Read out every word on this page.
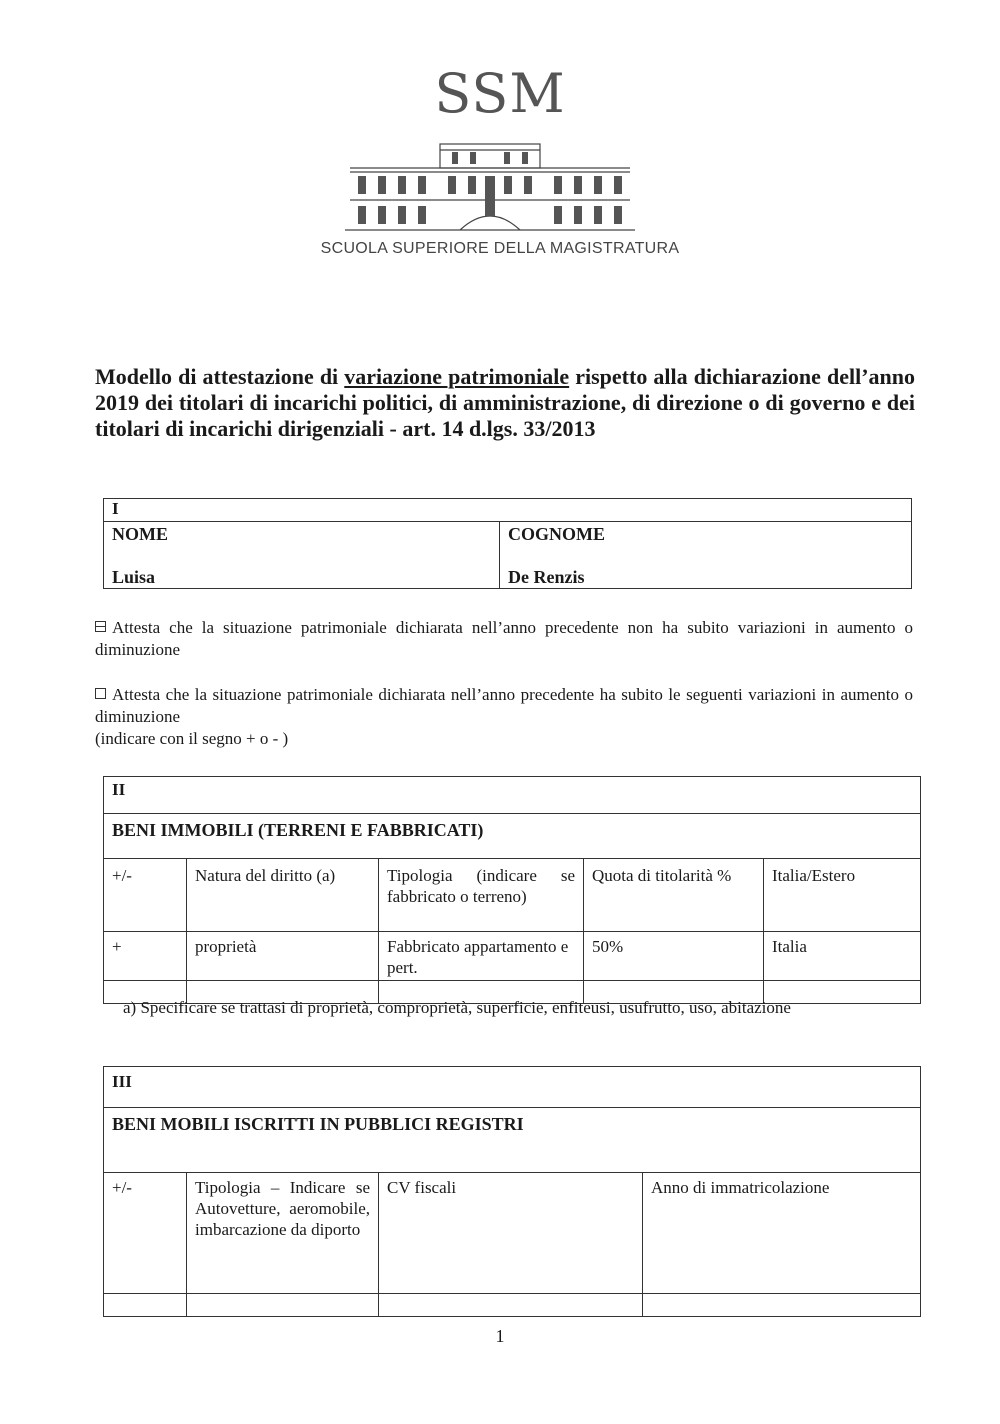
SSM
SCUOLA SUPERIORE DELLA MAGISTRATURA
Modello di attestazione di variazione patrimoniale rispetto alla dichiarazione dell’anno 2019 dei titolari di incarichi politici, di amministrazione, di direzione o di governo e dei titolari di incarichi dirigenziali - art. 14 d.lgs. 33/2013
I

NOME
Luisa

COGNOME
De Renzis
Attesta che la situazione patrimoniale dichiarata nell’anno precedente non ha subito variazioni in aumento o diminuzione
Attesta che la situazione patrimoniale dichiarata nell’anno precedente ha subito le seguenti variazioni in aumento o diminuzione
(indicare con il segno + o - )
II				
BENI IMMOBILI (TERRENI E FABBRICATI)				
+/-	Natura del diritto (a)	Tipologia (indicare se fabbricato o terreno)	Quota di titolarità %	Italia/Estero
+	proprietà	Fabbricato appartamento e pert.	50%	Italia

a) Specificare se trattasi di proprietà, comproprietà, superficie, enfiteusi, usufrutto, uso, abitazione
III			
BENI MOBILI ISCRITTI IN PUBBLICI REGISTRI			
+/-	Tipologia – Indicare se Autovetture, aeromobile, imbarcazione da diporto	CV fiscali	Anno di immatricolazione

1
